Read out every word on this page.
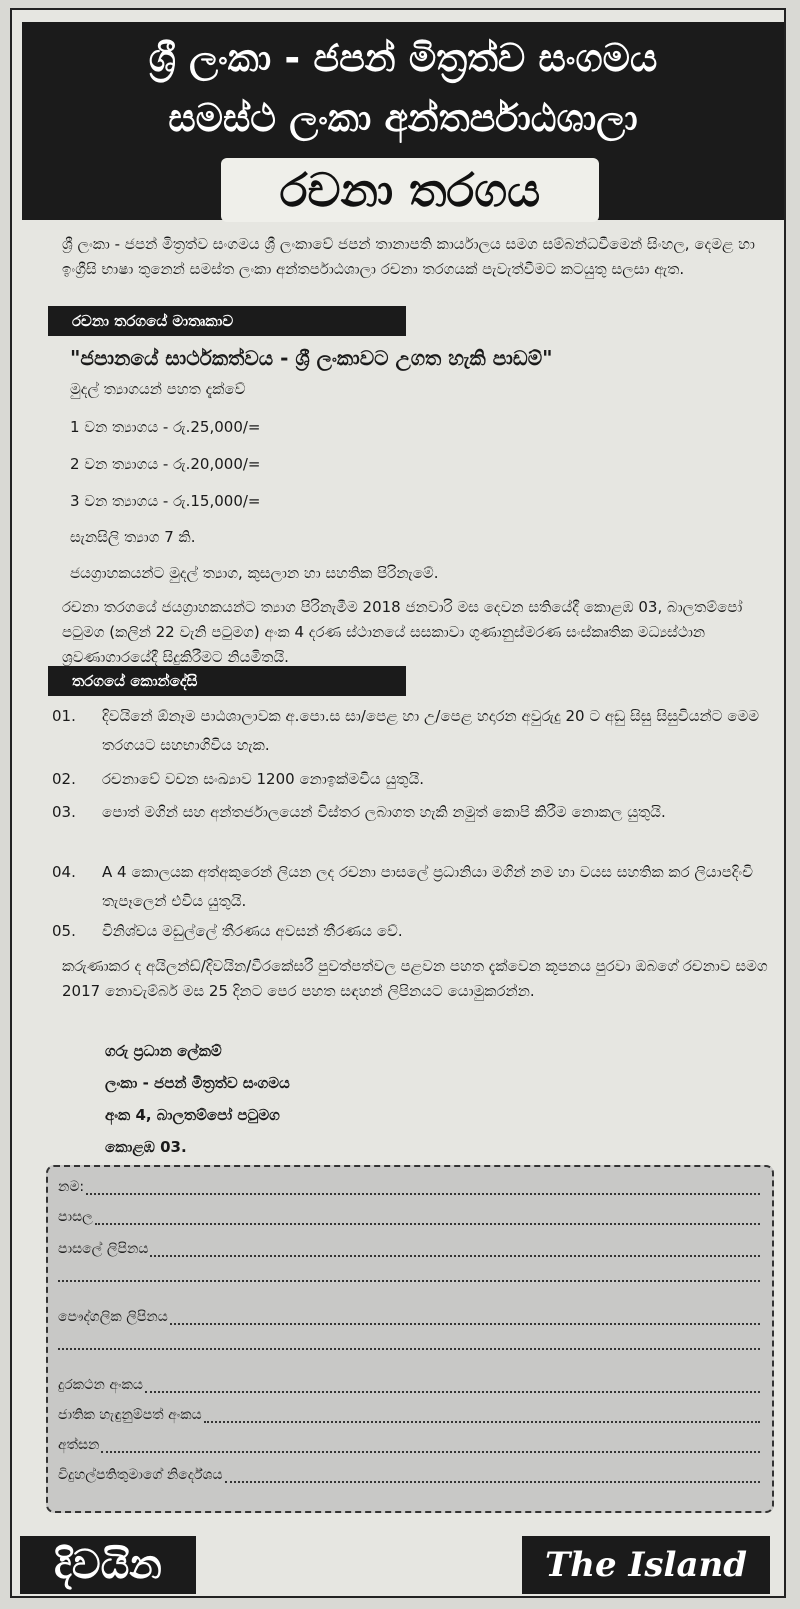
ශ්‍රී ලංකා - ජපන් මිත්‍රත්ව සංගමය
සමස්ථ ලංකා අන්තර්පාඨශාලා
රචනා තරගය

ශ්‍රී ලංකා - ජපන් මිත්‍රත්ව සංගමය ශ්‍රී ලංකාවේ ජපන් තානාපති කාර්යාලය සමග සම්බන්ධවීමෙන් සිංහල, දෙමළ හා ඉංග්‍රීසි භාෂා තුනෙන් සමස්ත ලංකා අන්තර්පාඨශාලා රචනා තරගයක් පැවැත්වීමට කටයුතු සලසා ඇත.

රචනා තරගයේ මාතෘකාව
"ජපානයේ සාර්ථකත්වය - ශ්‍රී ලංකාවට උගත හැකි පාඩම්"
මුදල් ත්‍යාගයන් පහත දැක්වේ
1 වන ත්‍යාගය - රු.25,000/=
2 වන ත්‍යාගය - රු.20,000/=
3 වන ත්‍යාගය - රු.15,000/=
සැනසිලි ත්‍යාග 7 කි.
ජයග්‍රාහකයන්ට මුදල් ත්‍යාග, කුසලාන හා සහතික පිරිනැමේ.

රචනා තරගයේ ජයග්‍රාහකයන්ට ත්‍යාග පිරිනැමීම 2018 ජනවාරි මස දෙවන සතියේදී කොළඹ 03, බාලතම්පෝ පටුමග (කලින් 22 වැනි පටුමග) අංක 4 දරණ ස්ථානයේ සසකාවා ගුණානුස්මරණ සංස්කෘතික මධ්‍යස්ථාන ශ්‍රවණාගාරයේදී සිදුකිරීමට නියමිතයි.

තරගයේ කොන්දේසි
01. දිවයිනේ ඕනෑම පාඨශාලාවක අ.පො.ස සා/පෙළ හා උ/පෙළ හදාරන අවුරුදු 20 ට අඩු සිසු සිසුවියන්ට මෙම තරගයට සහභාගිවිය හැක.
02. රචනාවේ වචන සංඛ්‍යාව 1200 නොඉක්මවිය යුතුයි.
03. පොත් මගින් සහ අන්තර්ජාලයෙන් විස්තර ලබාගත හැකි නමුත් කොපි කිරීම නොකල යුතුයි.
04. A 4 කොලයක අත්අකුරෙන් ලියන ලද රචනා පාසලේ ප්‍රධානියා මගින් නම හා වයස සහතික කර ලියාපදිංචි තැපෑලෙන් එවිය යුතුයි.
05. විනිශ්චය මඩුල්ලේ තීරණය අවසන් තීරණය වේ.

කරුණාකර ද අයිලන්ඩ්/දිවයින/වීරකේසරී පුවත්පත්වල පළවන පහත දැක්වෙන කූපනය පුරවා ඔබගේ රචනාව සමග 2017 නොවැම්බර් මස 25 දිනට පෙර පහත සඳහන් ලිපිනයට යොමුකරන්න.

ගරු ප්‍රධාන ලේකම්
ලංකා - ජපන් මිත්‍රත්ව සංගමය
අංක 4, බාලතම්පෝ පටුමග
කොළඹ 03.
නම:
පාසල
පාසලේ ලිපිනය
පෞද්ගලික ලිපිනය
දුරකථන අංකය
ජාතික හැඳුනුම්පත් අංකය
අත්සන
විදුහල්පතිතුමාගේ නිර්දේශය
දිවයින	The Island
